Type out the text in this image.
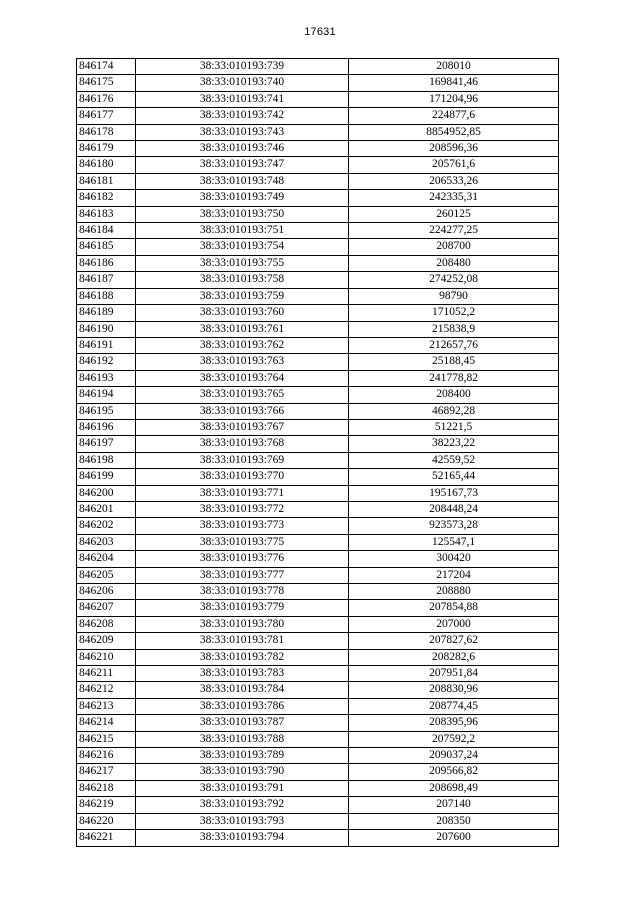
17631
846174	38:33:010193:739	208010
846175	38:33:010193:740	169841,46
846176	38:33:010193:741	171204,96
846177	38:33:010193:742	224877,6
846178	38:33:010193:743	8854952,85
846179	38:33:010193:746	208596,36
846180	38:33:010193:747	205761,6
846181	38:33:010193:748	206533,26
846182	38:33:010193:749	242335,31
846183	38:33:010193:750	260125
846184	38:33:010193:751	224277,25
846185	38:33:010193:754	208700
846186	38:33:010193:755	208480
846187	38:33:010193:758	274252,08
846188	38:33:010193:759	98790
846189	38:33:010193:760	171052,2
846190	38:33:010193:761	215838,9
846191	38:33:010193:762	212657,76
846192	38:33:010193:763	25188,45
846193	38:33:010193:764	241778,82
846194	38:33:010193:765	208400
846195	38:33:010193:766	46892,28
846196	38:33:010193:767	51221,5
846197	38:33:010193:768	38223,22
846198	38:33:010193:769	42559,52
846199	38:33:010193:770	52165,44
846200	38:33:010193:771	195167,73
846201	38:33:010193:772	208448,24
846202	38:33:010193:773	923573,28
846203	38:33:010193:775	125547,1
846204	38:33:010193:776	300420
846205	38:33:010193:777	217204
846206	38:33:010193:778	208880
846207	38:33:010193:779	207854,88
846208	38:33:010193:780	207000
846209	38:33:010193:781	207827,62
846210	38:33:010193:782	208282,6
846211	38:33:010193:783	207951,84
846212	38:33:010193:784	208830,96
846213	38:33:010193:786	208774,45
846214	38:33:010193:787	208395,96
846215	38:33:010193:788	207592,2
846216	38:33:010193:789	209037,24
846217	38:33:010193:790	209566,82
846218	38:33:010193:791	208698,49
846219	38:33:010193:792	207140
846220	38:33:010193:793	208350
846221	38:33:010193:794	207600
